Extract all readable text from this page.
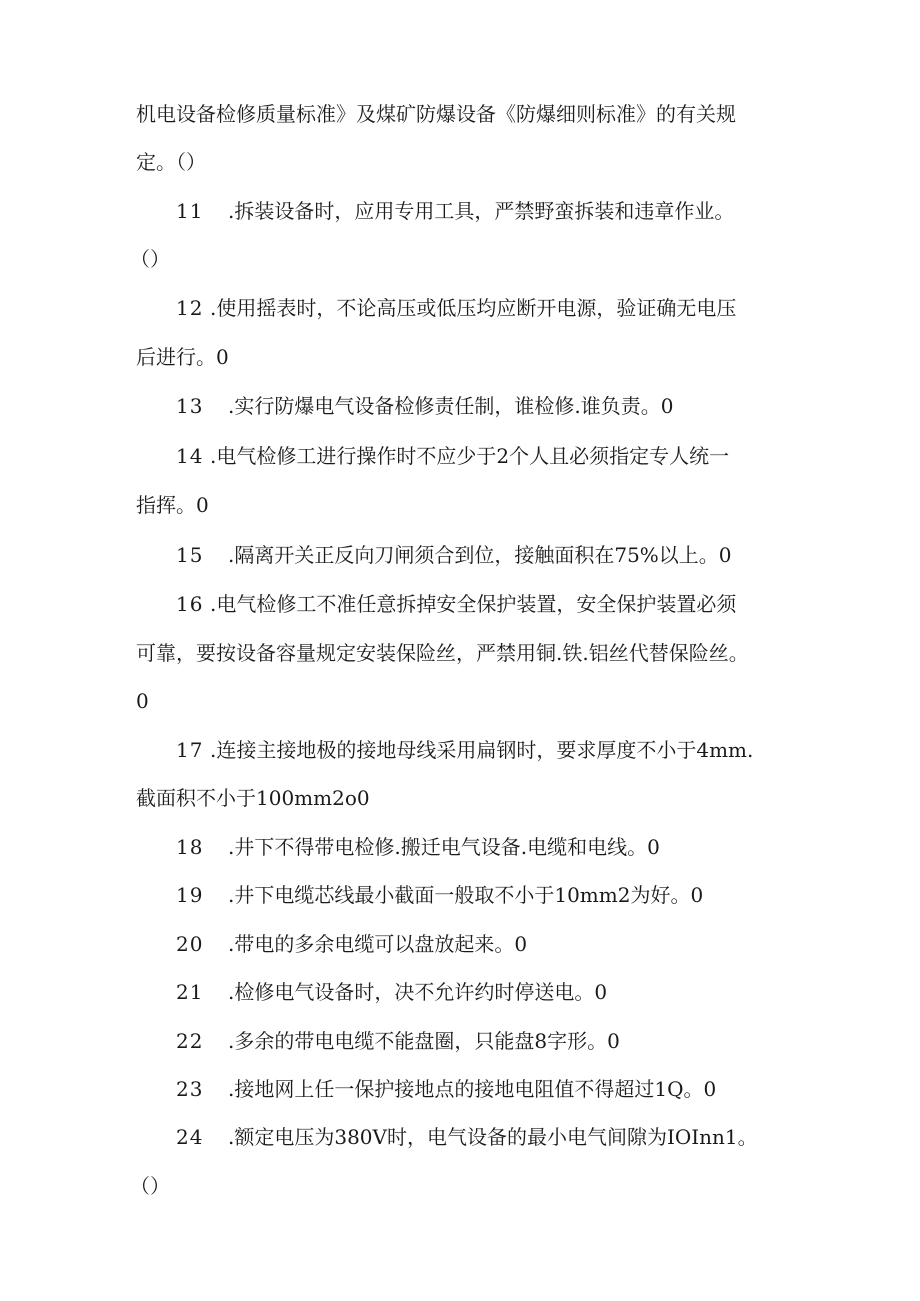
机电设备检修质量标准》及煤矿防爆设备《防爆细则标准》的有关规
定。（）
11 .拆装设备时，应用专用工具，严禁野蛮拆装和违章作业。
（）
12 .使用摇表时，不论高压或低压均应断开电源，验证确无电压
后进行。0
13 .实行防爆电气设备检修责任制，谁检修.谁负责。0
14 .电气检修工进行操作时不应少于2个人且必须指定专人统一
指挥。0
15 .隔离开关正反向刀闸须合到位，接触面积在75%以上。0
16 .电气检修工不准任意拆掉安全保护装置，安全保护装置必须
可靠，要按设备容量规定安装保险丝，严禁用铜.铁.铝丝代替保险丝。
0
17 .连接主接地极的接地母线采用扁钢时，要求厚度不小于4mm.
截面积不小于100mm2o0
18 .井下不得带电检修.搬迁电气设备.电缆和电线。0
19 .井下电缆芯线最小截面一般取不小于10mm2为好。0
20 .带电的多余电缆可以盘放起来。0
21 .检修电气设备时，决不允许约时停送电。0
22 .多余的带电电缆不能盘圈，只能盘8字形。0
23 .接地网上任一保护接地点的接地电阻值不得超过1Q。0
24 .额定电压为380V时，电气设备的最小电气间隙为IOInn1。
（）
